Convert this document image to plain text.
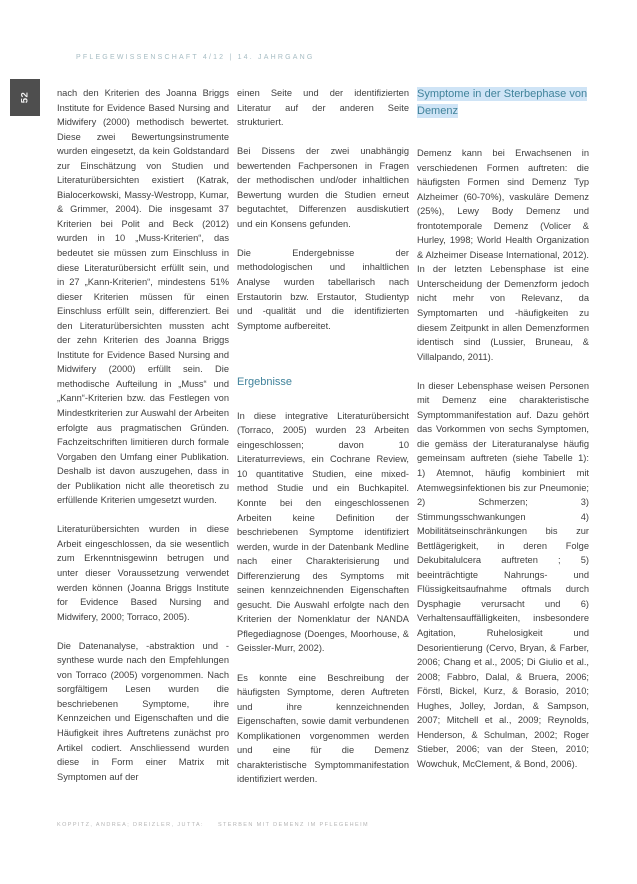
PFLEGEWISSENSCHAFT 4/12 | 14. JAHRGANG
52	nach den Kriterien des Joanna Briggs Institute for Evidence Based Nursing and Midwifery (2000) methodisch bewertet. Diese zwei Bewertungsinstrumente wurden eingesetzt, da kein Goldstandard zur Einschätzung von Studien und Literaturübersichten existiert (Katrak, Bialocerkowski, Massy-Westropp, Kumar, & Grimmer, 2004). Die insgesamt 37 Kriterien bei Polit and Beck (2012) wurden in 10 „Muss-Kriterien“, das bedeutet sie müssen zum Einschluss in diese Literaturübersicht erfüllt sein, und in 27 „Kann-Kriterien“, mindestens 51% dieser Kriterien müssen für einen Einschluss erfüllt sein, differenziert. Bei den Literaturübersichten mussten acht der zehn Kriterien des Joanna Briggs Institute for Evidence Based Nursing and Midwifery (2000) erfüllt sein. Die methodische Aufteilung in „Muss“ und „Kann“-Kriterien bzw. das Festlegen von Mindestkriterien zur Auswahl der Arbeiten erfolgte aus pragmatischen Gründen. Fachzeitschriften limitieren durch formale Vorgaben den Umfang einer Publikation. Deshalb ist davon auszugehen, dass in der Publikation nicht alle theoretisch zu erfüllende Kriterien umgesetzt wurden.

Literaturübersichten wurden in diese Arbeit eingeschlossen, da sie wesentlich zum Erkenntnisgewinn betrugen und unter dieser Voraussetzung verwendet werden können (Joanna Briggs Institute for Evidence Based Nursing and Midwifery, 2000; Torraco, 2005).

Die Datenanalyse, -abstraktion und -synthese wurde nach den Empfehlungen von Torraco (2005) vorgenommen. Nach sorgfältigem Lesen wurden die beschriebenen Symptome, ihre Kennzeichen und Eigenschaften und die Häufigkeit ihres Auftretens zunächst pro Artikel codiert. Anschliessend wurden diese in Form einer Matrix mit Symptomen auf der

einen Seite und der identifizierten Literatur auf der anderen Seite strukturiert.

Bei Dissens der zwei unabhängig bewertenden Fachpersonen in Fragen der methodischen und/oder inhaltlichen Bewertung wurden die Studien erneut begutachtet, Differenzen ausdiskutiert und ein Konsens gefunden.

Die Endergebnisse der methodologischen und inhaltlichen Analyse wurden tabellarisch nach Erstautorin bzw. Erstautor, Studientyp und -qualität und die identifizierten Symptome aufbereitet.

Ergebnisse

In diese integrative Literaturübersicht (Torraco, 2005) wurden 23 Arbeiten eingeschlossen; davon 10 Literaturreviews, ein Cochrane Review, 10 quantitative Studien, eine mixed-method Studie und ein Buchkapitel. Konnte bei den eingeschlossenen Arbeiten keine Definition der beschriebenen Symptome identifiziert werden, wurde in der Datenbank Medline nach einer Charakterisierung und Differenzierung des Symptoms mit seinen kennzeichnenden Eigenschaften gesucht. Die Auswahl erfolgte nach den Kriterien der Nomenklatur der NANDA Pflegediagnose (Doenges, Moorhouse, & Geissler-Murr, 2002).

Es konnte eine Beschreibung der häufigsten Symptome, deren Auftreten und ihre kennzeichnenden Eigenschaften, sowie damit verbundenen Komplikationen vorgenommen werden und eine für die Demenz charakteristische Symptommanifestation identifiziert werden.

Symptome in der Sterbephase von Demenz

Demenz kann bei Erwachsenen in verschiedenen Formen auftreten: die häufigsten Formen sind Demenz Typ Alzheimer (60-70%), vaskuläre Demenz (25%), Lewy Body Demenz und frontotemporale Demenz (Volicer & Hurley, 1998; World Health Organization & Alzheimer Disease International, 2012). In der letzten Lebensphase ist eine Unterscheidung der Demenzform jedoch nicht mehr von Relevanz, da Symptomarten und -häufigkeiten zu diesem Zeitpunkt in allen Demenzformen identisch sind (Lussier, Bruneau, & Villalpando, 2011).

In dieser Lebensphase weisen Personen mit Demenz eine charakteristische Symptommanifestation auf. Dazu gehört das Vorkommen von sechs Symptomen, die gemäss der Literaturanalyse häufig gemeinsam auftreten (siehe Tabelle 1): 1) Atemnot, häufig kombiniert mit Atemwegsinfektionen bis zur Pneumonie; 2) Schmerzen; 3) Stimmungsschwankungen 4) Mobilitätseinschränkungen bis zur Bettlägerigkeit, in deren Folge Dekubitalulcera auftreten ; 5) beeinträchtigte Nahrungs- und Flüssigkeitsaufnahme oftmals durch Dysphagie verursacht und 6) Verhaltensauffälligkeiten, insbesondere Agitation, Ruhelosigkeit und Desorientierung (Cervo, Bryan, & Farber, 2006; Chang et al., 2005; Di Giulio et al., 2008; Fabbro, Dalal, & Bruera, 2006; Förstl, Bickel, Kurz, & Borasio, 2010; Hughes, Jolley, Jordan, & Sampson, 2007; Mitchell et al., 2009; Reynolds, Henderson, & Schulman, 2002; Roger Stieber, 2006; van der Steen, 2010; Wowchuk, McClement, & Bond, 2006).

KOPPITZ, ANDREA; DREIZLER, JUTTA:	STERBEN MIT DEMENZ IM PFLEGEHEIM
